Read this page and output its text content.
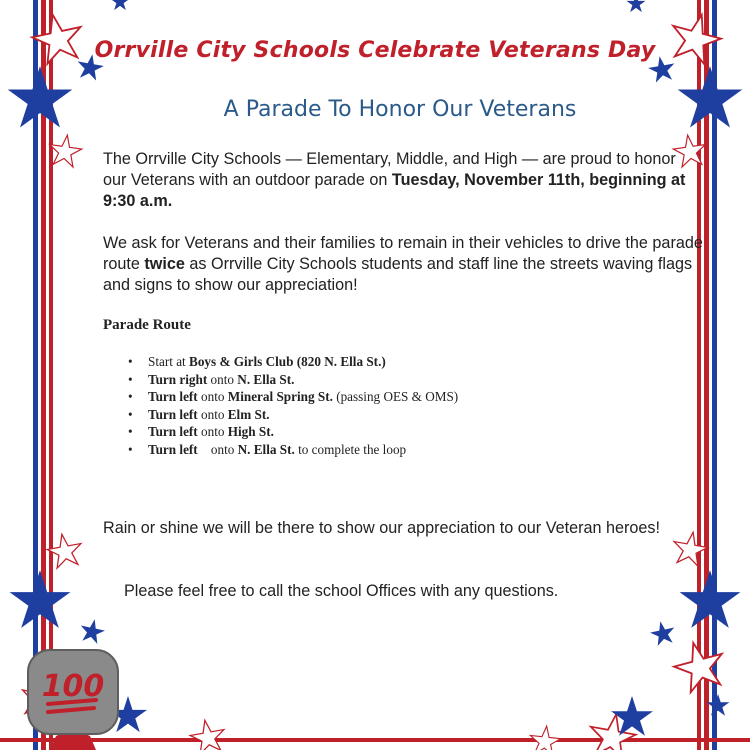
Orrville City Schools Celebrate Veterans Day
A Parade To Honor Our Veterans
The Orrville City Schools — Elementary, Middle, and High — are proud to honor our Veterans with an outdoor parade on Tuesday, November 11th, beginning at 9:30 a.m.
We ask for Veterans and their families to remain in their vehicles to drive the parade route twice as Orrville City Schools students and staff line the streets waving flags and signs to show our appreciation!
Parade Route
• Start at Boys & Girls Club (820 N. Ella St.)
• Turn right onto N. Ella St.
• Turn left onto Mineral Spring St. (passing OES & OMS)
• Turn left onto Elm St.
• Turn left onto High St.
• Turn left    onto N. Ella St. to complete the loop
Rain or shine we will be there to show our appreciation to our Veteran heroes!
Please feel free to call the school Offices with any questions.
100
